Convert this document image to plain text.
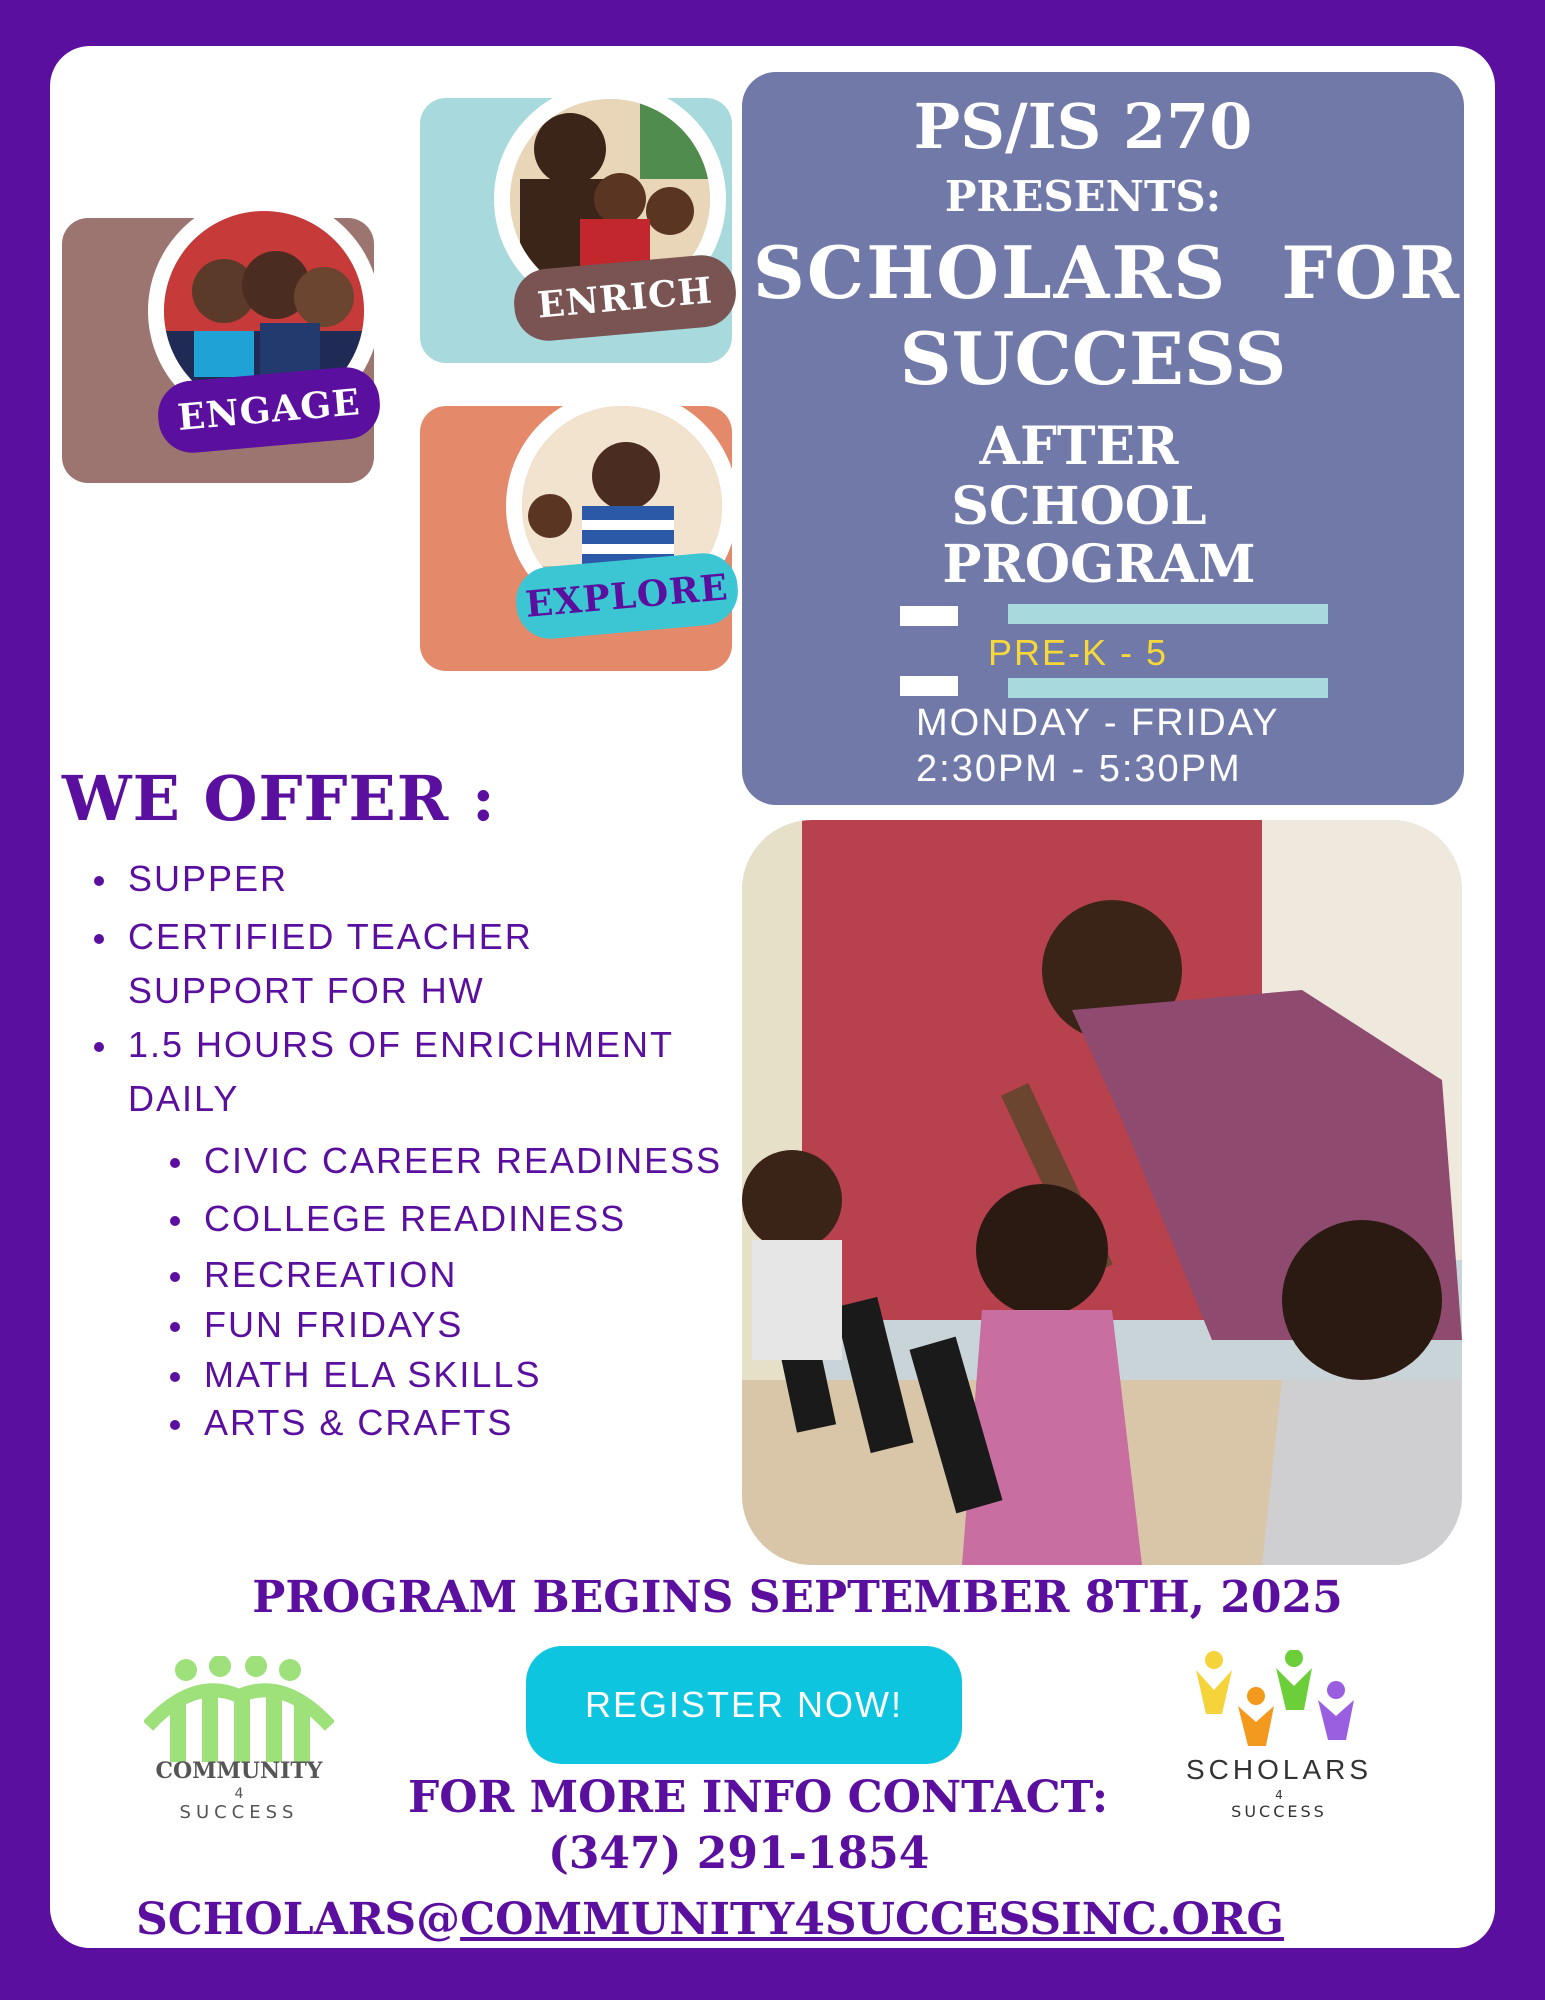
ENGAGE
ENRICH
EXPLORE
PS/IS 270
PRESENTS:
SCHOLARS  FOR
SUCCESS
AFTER
SCHOOL
PROGRAM
PRE-K - 5
MONDAY - FRIDAY
2:30PM - 5:30PM
WE OFFER :
SUPPER
CERTIFIED TEACHER
SUPPORT FOR HW
1.5 HOURS OF ENRICHMENT
DAILY
CIVIC CAREER READINESS
COLLEGE READINESS
RECREATION
FUN FRIDAYS
MATH ELA SKILLS
ARTS & CRAFTS
PROGRAM BEGINS SEPTEMBER 8TH, 2025
REGISTER NOW!
COMMUNITY
4
SUCCESS
SCHOLARS
4
SUCCESS
FOR MORE INFO CONTACT:
(347) 291-1854
SCHOLARS@COMMUNITY4SUCCESSINC.ORG
